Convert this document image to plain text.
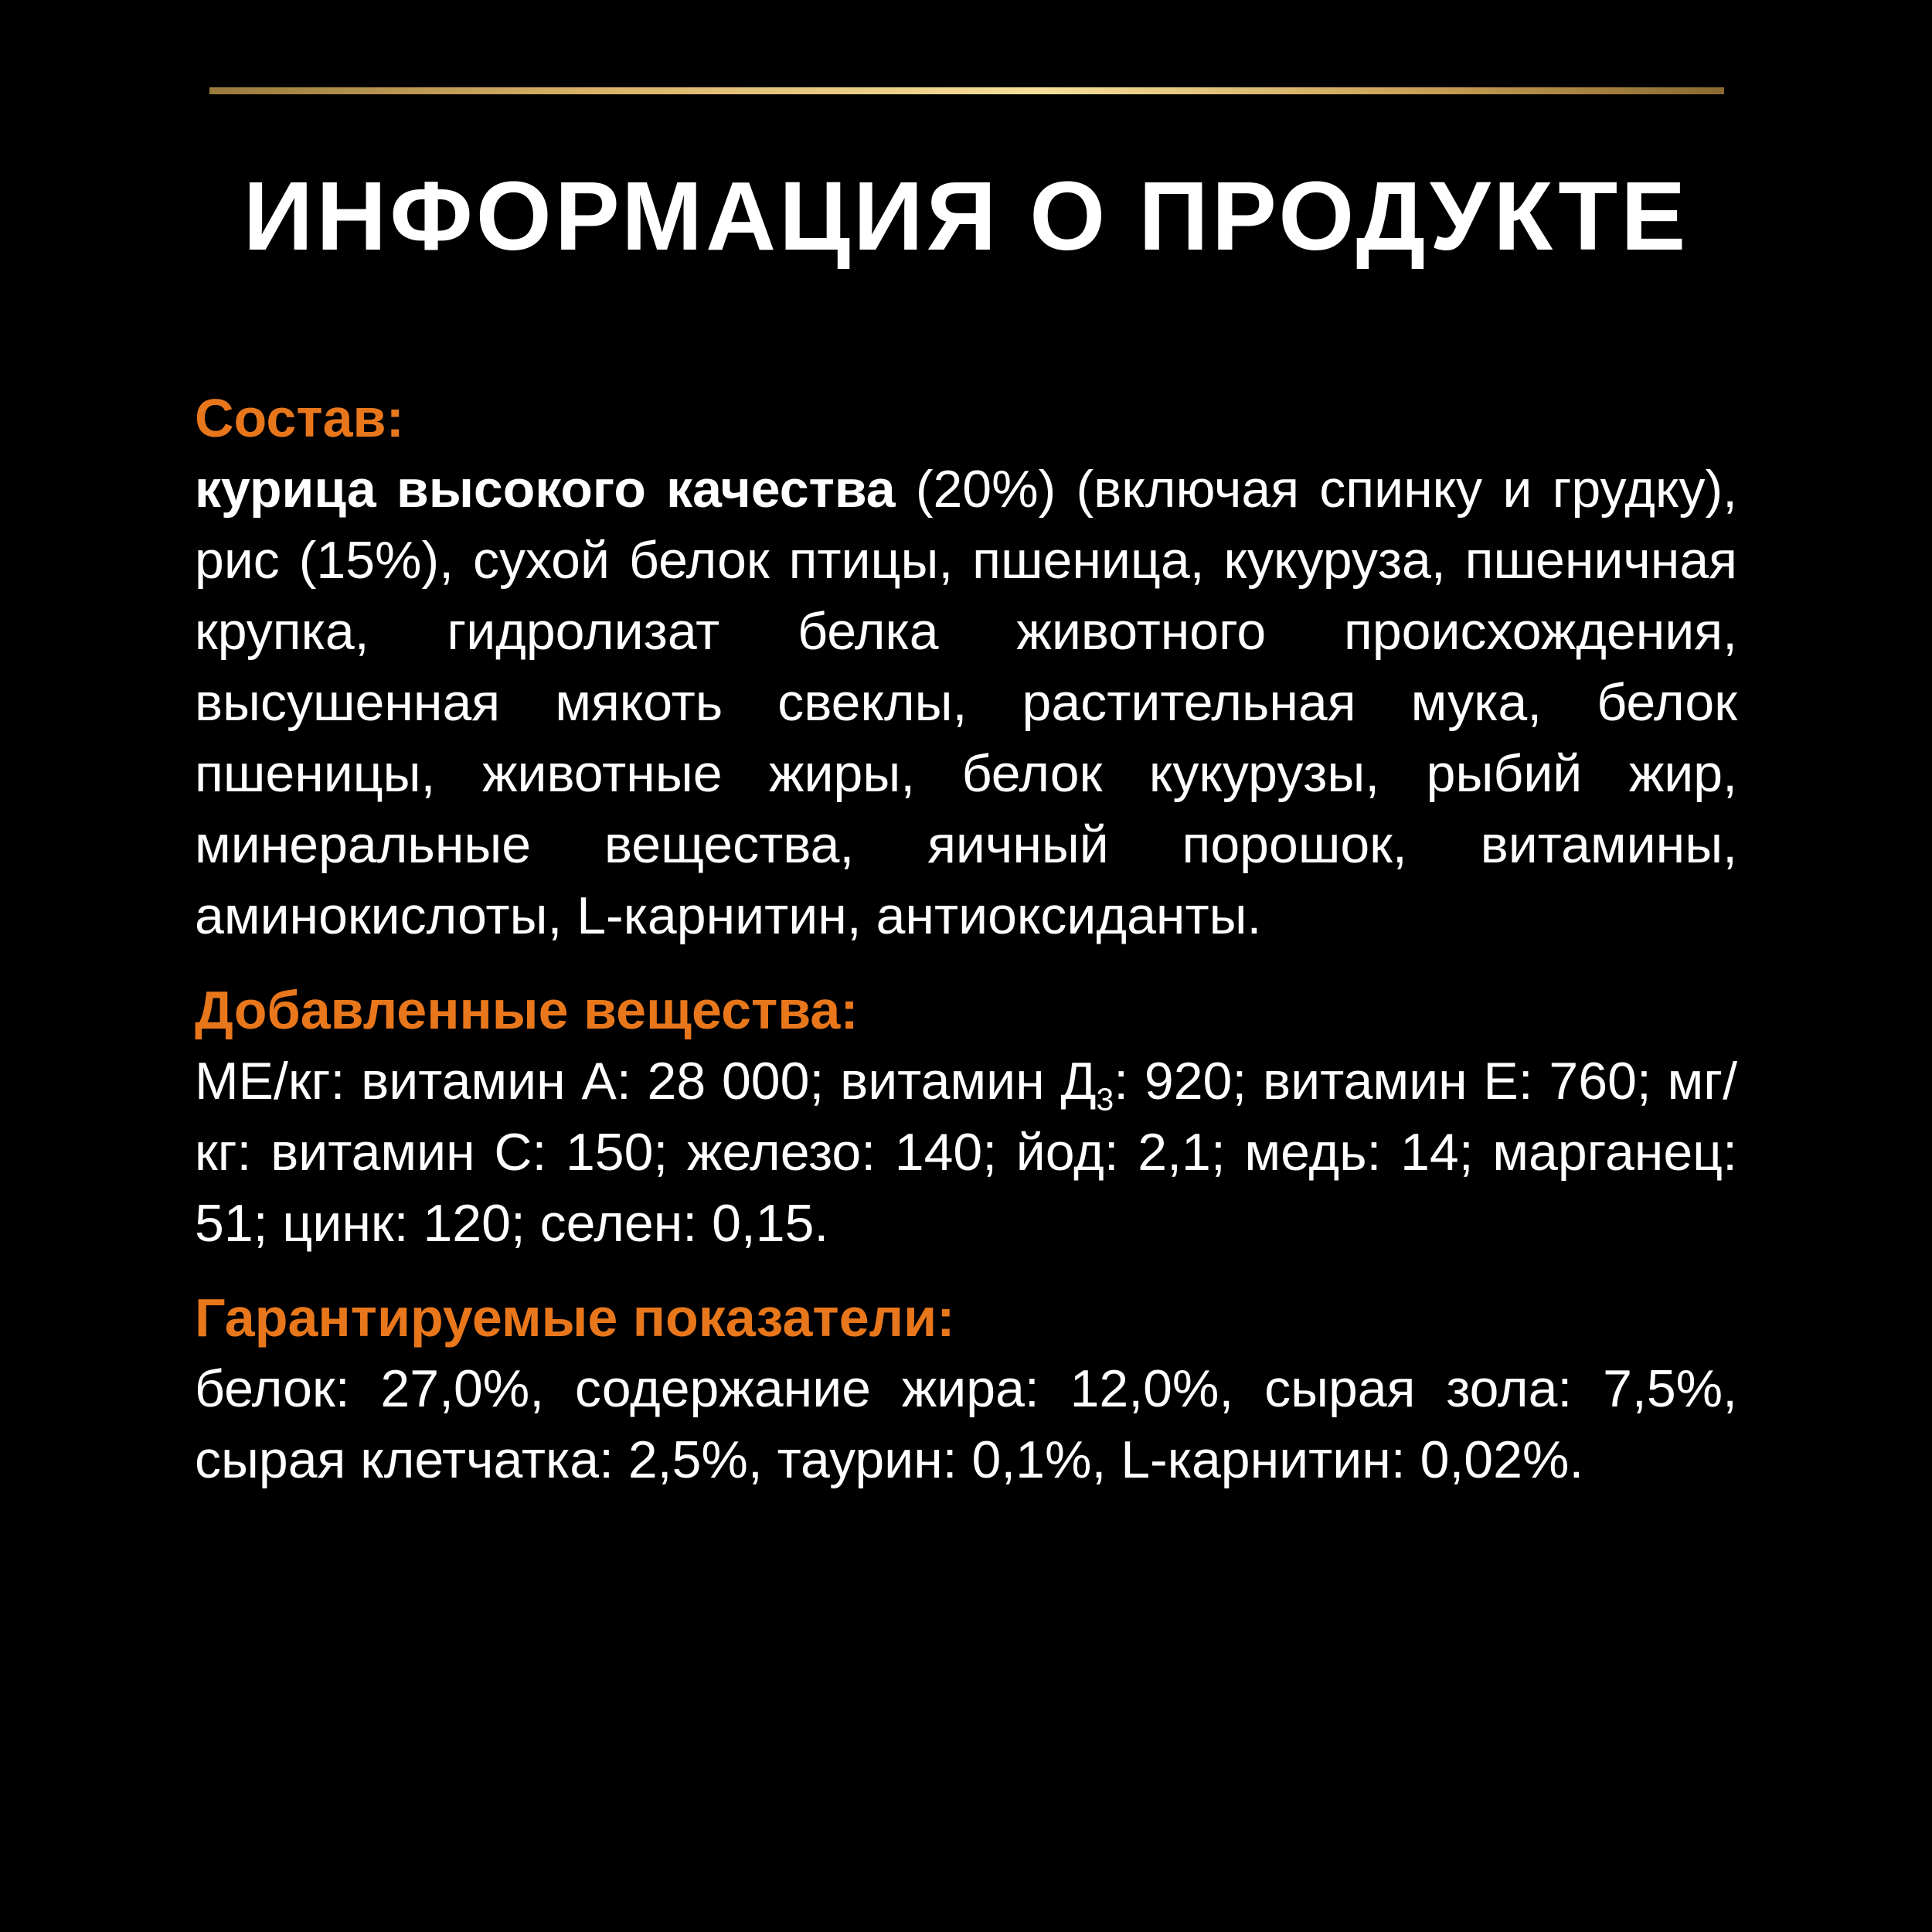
ИНФОРМАЦИЯ О ПРОДУКТЕ
Состав:
курица высокого качества (20%) (включая спинку и грудку), рис (15%), сухой белок птицы, пшеница, кукуруза, пшеничная крупка, гидролизат белка животного происхождения, высушенная мякоть свеклы, растительная мука, белок пшеницы, животные жиры, белок кукурузы, рыбий жир, минеральные вещества, яичный порошок, витамины, аминокислоты, L-карнитин, антиоксиданты.
Добавленные вещества:
МЕ/кг: витамин А: 28 000; витамин $Д_3$: 920; витамин Е: 760; мг/кг: витамин С: 150; железо: 140; йод: 2,1; медь: 14; марганец: 51; цинк: 120; селен: 0,15.
Гарантируемые показатели:
белок: 27,0%, содержание жира: 12,0%, сырая зола: 7,5%, сырая клетчатка: 2,5%, таурин: 0,1%, L-карнитин: 0,02%.
